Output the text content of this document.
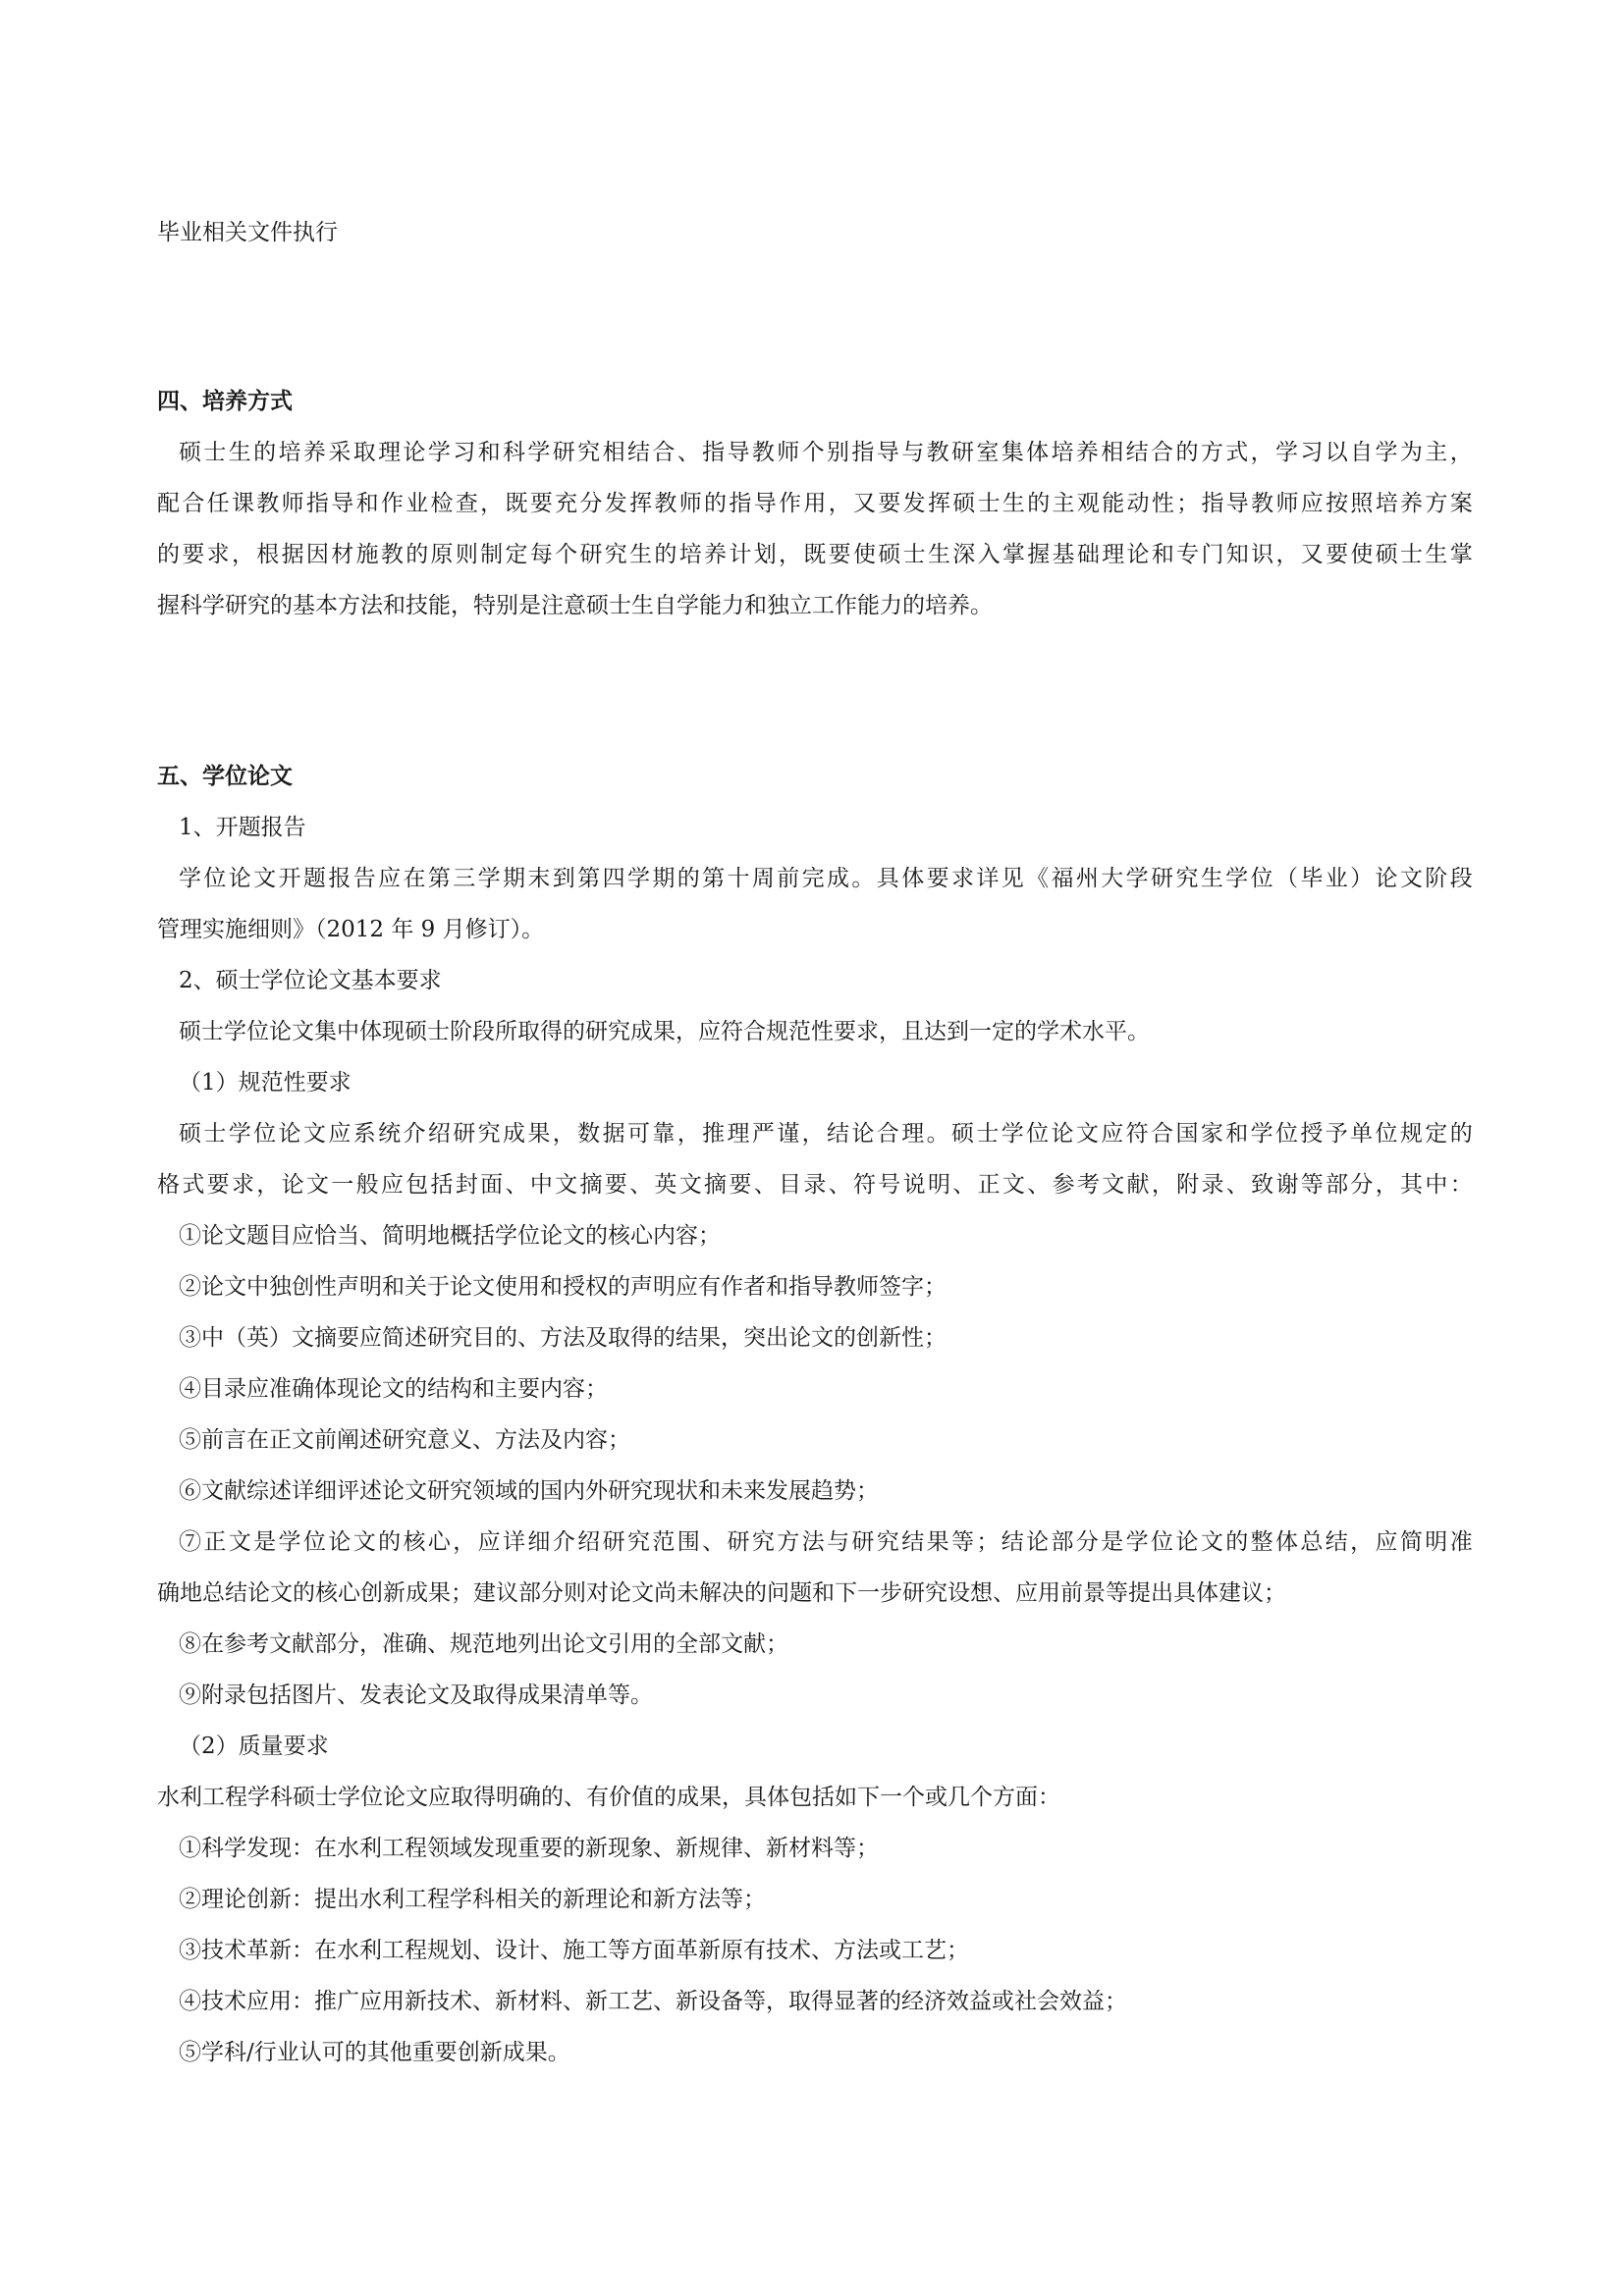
毕业相关文件执行
四、培养方式
硕士生的培养采取理论学习和科学研究相结合、指导教师个别指导与教研室集体培养相结合的方式，学习以自学为主，
配合任课教师指导和作业检查，既要充分发挥教师的指导作用，又要发挥硕士生的主观能动性；指导教师应按照培养方案
的要求，根据因材施教的原则制定每个研究生的培养计划，既要使硕士生深入掌握基础理论和专门知识，又要使硕士生掌
握科学研究的基本方法和技能，特别是注意硕士生自学能力和独立工作能力的培养。
五、学位论文
1、开题报告
学位论文开题报告应在第三学期末到第四学期的第十周前完成。具体要求详见《福州大学研究生学位（毕业）论文阶段
管理实施细则》（2012 年 9 月修订）。
2、硕士学位论文基本要求
硕士学位论文集中体现硕士阶段所取得的研究成果，应符合规范性要求，且达到一定的学术水平。
（1）规范性要求
硕士学位论文应系统介绍研究成果，数据可靠，推理严谨，结论合理。硕士学位论文应符合国家和学位授予单位规定的
格式要求，论文一般应包括封面、中文摘要、英文摘要、目录、符号说明、正文、参考文献，附录、致谢等部分，其中：
①论文题目应恰当、简明地概括学位论文的核心内容；
②论文中独创性声明和关于论文使用和授权的声明应有作者和指导教师签字；
③中（英）文摘要应简述研究目的、方法及取得的结果，突出论文的创新性；
④目录应准确体现论文的结构和主要内容；
⑤前言在正文前阐述研究意义、方法及内容；
⑥文献综述详细评述论文研究领域的国内外研究现状和未来发展趋势；
⑦正文是学位论文的核心，应详细介绍研究范围、研究方法与研究结果等；结论部分是学位论文的整体总结，应简明准
确地总结论文的核心创新成果；建议部分则对论文尚未解决的问题和下一步研究设想、应用前景等提出具体建议；
⑧在参考文献部分，准确、规范地列出论文引用的全部文献；
⑨附录包括图片、发表论文及取得成果清单等。
（2）质量要求
水利工程学科硕士学位论文应取得明确的、有价值的成果，具体包括如下一个或几个方面：
①科学发现：在水利工程领域发现重要的新现象、新规律、新材料等；
②理论创新：提出水利工程学科相关的新理论和新方法等；
③技术革新：在水利工程规划、设计、施工等方面革新原有技术、方法或工艺；
④技术应用：推广应用新技术、新材料、新工艺、新设备等，取得显著的经济效益或社会效益；
⑤学科/行业认可的其他重要创新成果。
